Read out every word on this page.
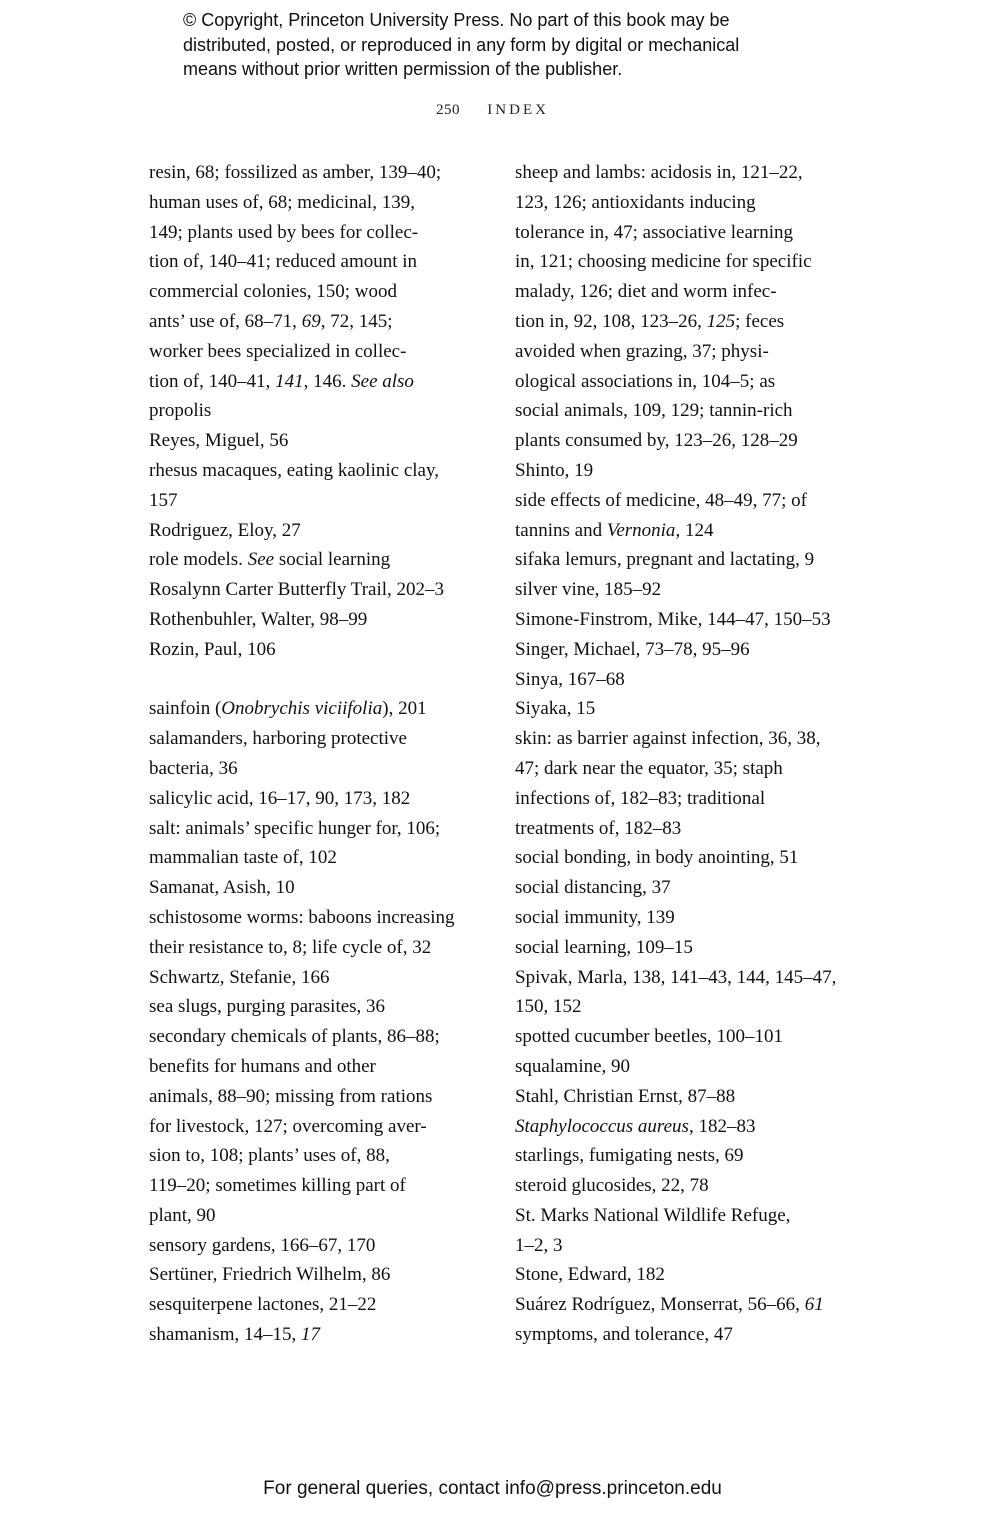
© Copyright, Princeton University Press. No part of this book may be
distributed, posted, or reproduced in any form by digital or mechanical
means without prior written permission of the publisher.
250 INDEX

resin, 68; fossilized as amber, 139–40;
human uses of, 68; medicinal, 139,
149; plants used by bees for collec-
tion of, 140–41; reduced amount in
commercial colonies, 150; wood
ants’ use of, 68–71, 69, 72, 145;
worker bees specialized in collec-
tion of, 140–41, 141, 146. See also
propolis

Reyes, Miguel, 56

rhesus macaques, eating kaolinic clay,
157

Rodriguez, Eloy, 27

role models. See social learning

Rosalynn Carter Butterfly Trail, 202–3

Rothenbuhler, Walter, 98–99

Rozin, Paul, 106

sainfoin (Onobrychis viciifolia), 201

salamanders, harboring protective
bacteria, 36

salicylic acid, 16–17, 90, 173, 182

salt: animals’ specific hunger for, 106;
mammalian taste of, 102

Samanat, Asish, 10

schistosome worms: baboons increasing
their resistance to, 8; life cycle of, 32

Schwartz, Stefanie, 166

sea slugs, purging parasites, 36

secondary chemicals of plants, 86–88;
benefits for humans and other
animals, 88–90; missing from rations
for livestock, 127; overcoming aver-
sion to, 108; plants’ uses of, 88,
119–20; sometimes killing part of
plant, 90

sensory gardens, 166–67, 170

Sertüner, Friedrich Wilhelm, 86

sesquiterpene lactones, 21–22

shamanism, 14–15, 17

sheep and lambs: acidosis in, 121–22,
123, 126; antioxidants inducing
tolerance in, 47; associative learning
in, 121; choosing medicine for specific
malady, 126; diet and worm infec-
tion in, 92, 108, 123–26, 125; feces
avoided when grazing, 37; physi-
ological associations in, 104–5; as
social animals, 109, 129; tannin-rich
plants consumed by, 123–26, 128–29

Shinto, 19

side effects of medicine, 48–49, 77; of
tannins and Vernonia, 124

sifaka lemurs, pregnant and lactating, 9

silver vine, 185–92

Simone-Finstrom, Mike, 144–47, 150–53

Singer, Michael, 73–78, 95–96

Sinya, 167–68

Siyaka, 15

skin: as barrier against infection, 36, 38,
47; dark near the equator, 35; staph
infections of, 182–83; traditional
treatments of, 182–83

social bonding, in body anointing, 51

social distancing, 37

social immunity, 139

social learning, 109–15

Spivak, Marla, 138, 141–43, 144, 145–47,
150, 152

spotted cucumber beetles, 100–101

squalamine, 90

Stahl, Christian Ernst, 87–88

Staphylococcus aureus, 182–83

starlings, fumigating nests, 69

steroid glucosides, 22, 78

St. Marks National Wildlife Refuge,
1–2, 3

Stone, Edward, 182

Suárez Rodríguez, Monserrat, 56–66, 61

symptoms, and tolerance, 47

For general queries, contact info@press.princeton.edu
